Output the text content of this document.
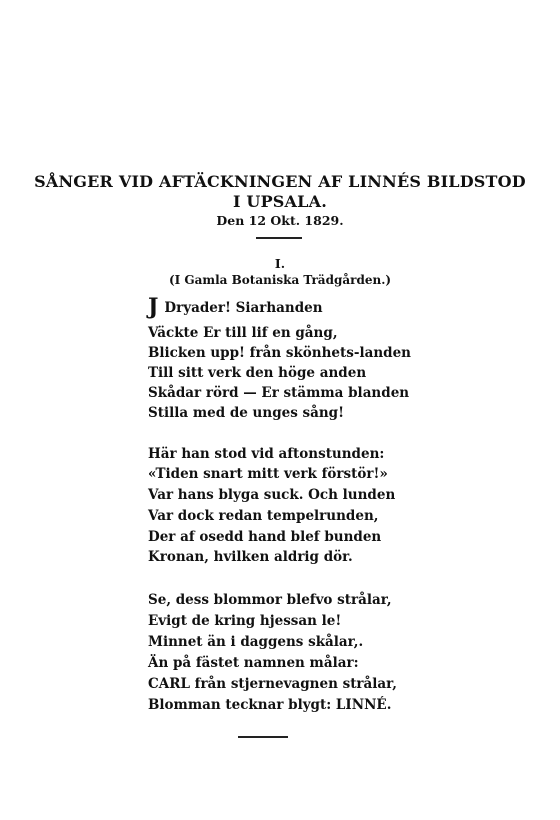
SÅNGER VID AFTÄCKNINGEN AF LINNÉS BILDSTOD
I UPSALA.
Den 12 Okt. 1829.
I.
(I Gamla Botaniska Trädgården.)
J Dryader! Siarhanden
Väckte Er till lif en gång,
Blicken upp! från skönhets-landen
Till sitt verk den höge anden
Skådar rörd — Er stämma blanden
Stilla med de unges sång!
Här han stod vid aftonstunden:
«Tiden snart mitt verk förstör!»
Var hans blyga suck. Och lunden
Var dock redan tempelrunden,
Der af osedd hand blef bunden
Kronan, hvilken aldrig dör.
Se, dess blommor blefvo strålar,
Evigt de kring hjessan le!
Minnet än i daggens skålar,.
Än på fästet namnen målar:
CARL från stjernevagnen strålar,
Blomman tecknar blygt: LINNÉ.
